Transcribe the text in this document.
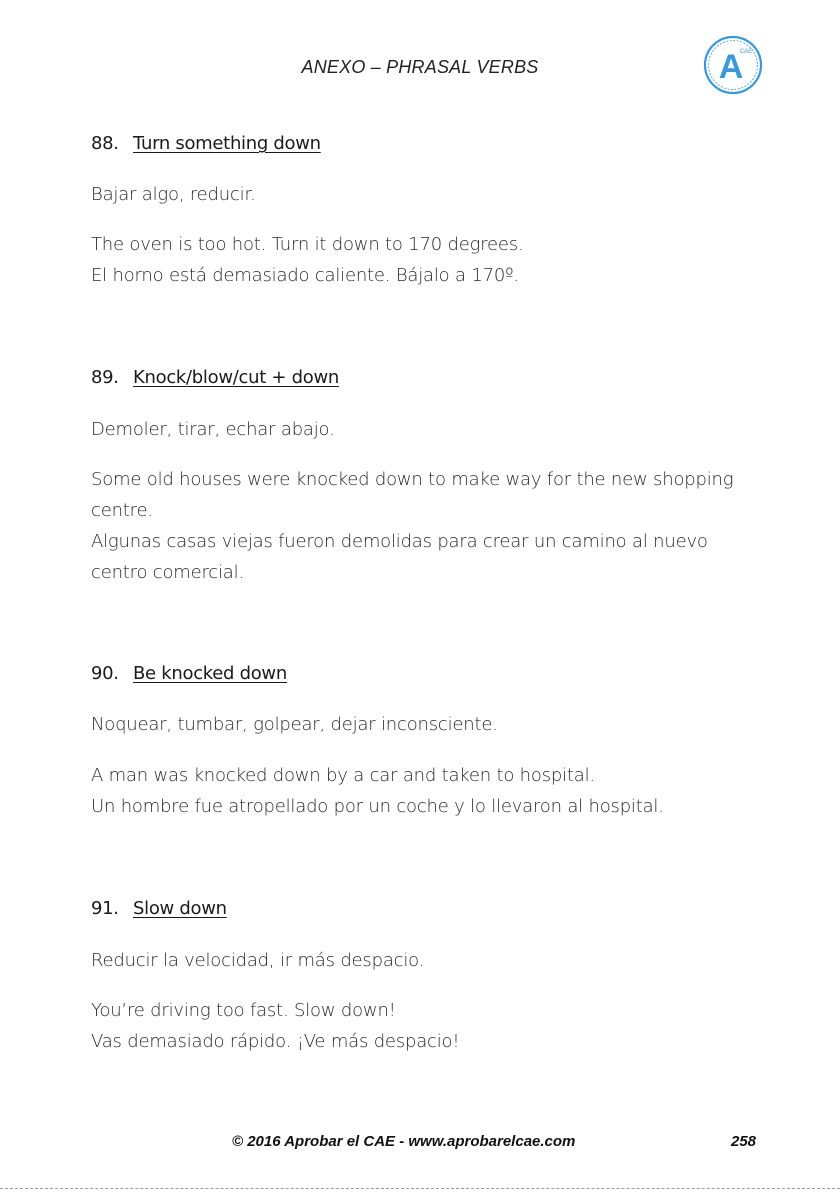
ANEXO – PHRASAL VERBS	A
CAE
88. Turn something down
Bajar algo, reducir.
The oven is too hot. Turn it down to 170 degrees.
El horno está demasiado caliente. Bájalo a 170º.
89. Knock/blow/cut + down
Demoler, tirar, echar abajo.
Some old houses were knocked down to make way for the new shopping centre.
Algunas casas viejas fueron demolidas para crear un camino al nuevo centro comercial.
90. Be knocked down
Noquear, tumbar, golpear, dejar inconsciente.
A man was knocked down by a car and taken to hospital.
Un hombre fue atropellado por un coche y lo llevaron al hospital.
91. Slow down
Reducir la velocidad, ir más despacio.
You’re driving too fast. Slow down!
Vas demasiado rápido. ¡Ve más despacio!
© 2016 Aprobar el CAE - www.aprobarelcae.com	258
